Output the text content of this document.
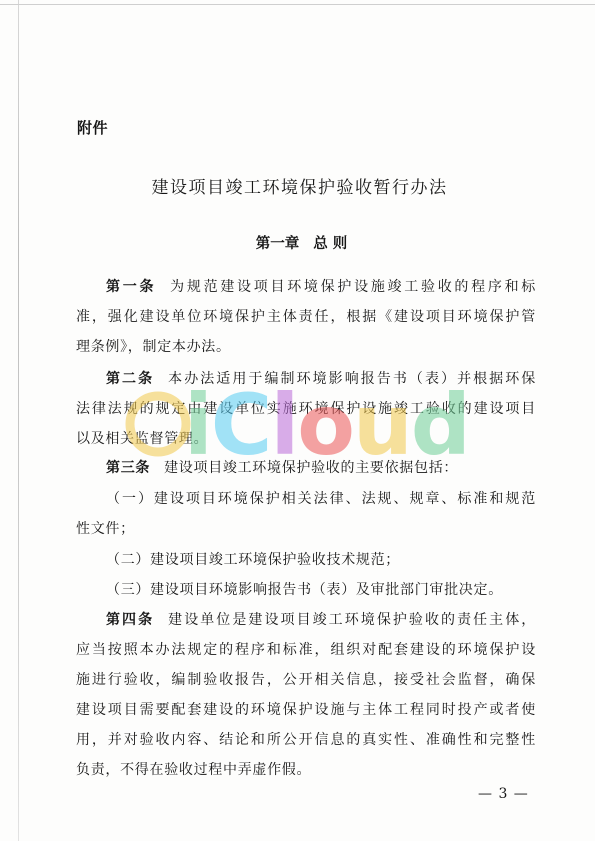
附件
建设项目竣工环境保护验收暂行办法
第一章 总 则
第一条 为规范建设项目环境保护设施竣工验收的程序和标
准，强化建设单位环境保护主体责任，根据《建设项目环境保护管
理条例》，制定本办法。
第二条 本办法适用于编制环境影响报告书（表）并根据环保
法律法规的规定由建设单位实施环境保护设施竣工验收的建设项目
以及相关监督管理。
第三条 建设项目竣工环境保护验收的主要依据包括：
（一）建设项目环境保护相关法律、法规、规章、标准和规范
性文件；
（二）建设项目竣工环境保护验收技术规范；
（三）建设项目环境影响报告书（表）及审批部门审批决定。
第四条 建设单位是建设项目竣工环境保护验收的责任主体，
应当按照本办法规定的程序和标准，组织对配套建设的环境保护设
施进行验收，编制验收报告，公开相关信息，接受社会监督，确保
建设项目需要配套建设的环境保护设施与主体工程同时投产或者使
用，并对验收内容、结论和所公开信息的真实性、准确性和完整性
负责，不得在验收过程中弄虚作假。
— 3 —
iCloud
